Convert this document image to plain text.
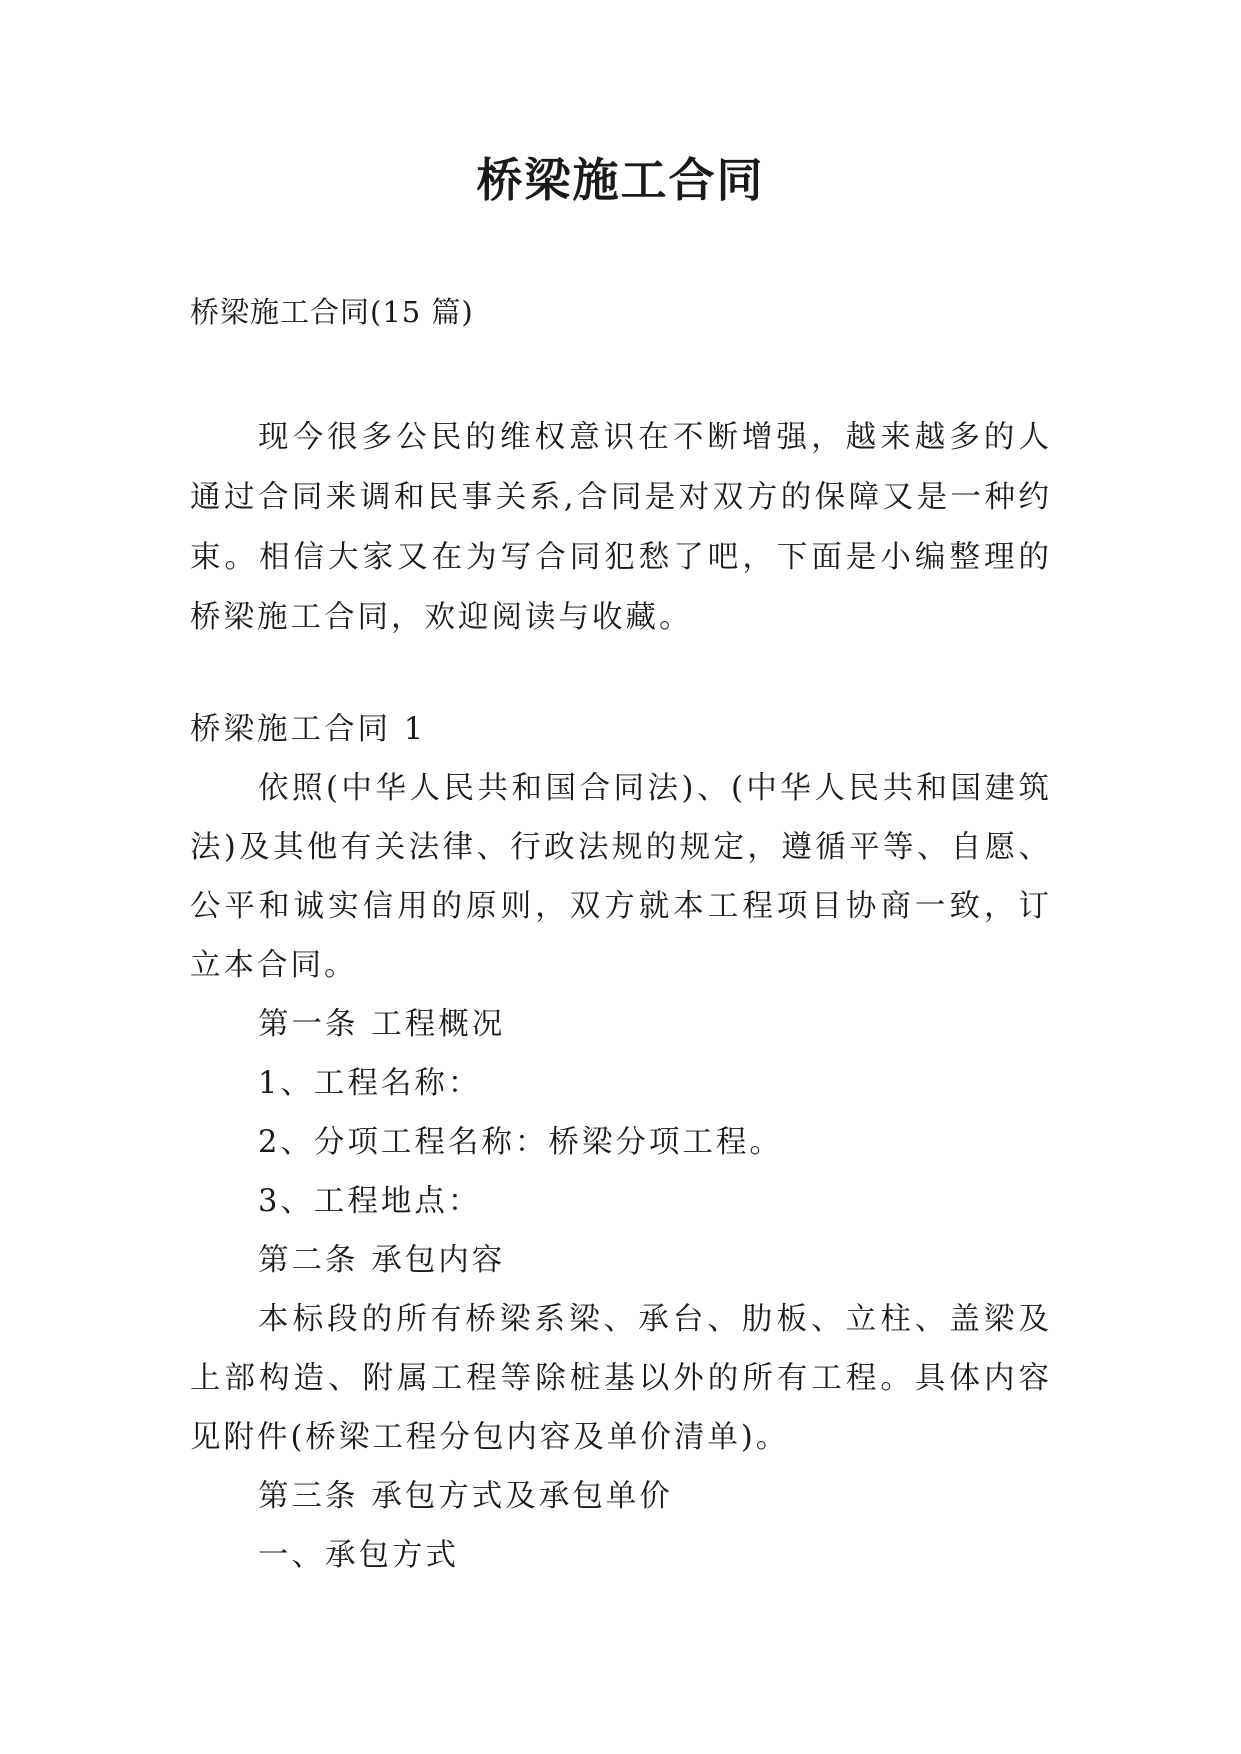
桥梁施工合同
桥梁施工合同(15 篇)
现今很多公民的维权意识在不断增强，越来越多的人通过合同来调和民事关系,合同是对双方的保障又是一种约束。相信大家又在为写合同犯愁了吧，下面是小编整理的桥梁施工合同，欢迎阅读与收藏。
桥梁施工合同 1
依照(中华人民共和国合同法)、(中华人民共和国建筑法)及其他有关法律、行政法规的规定，遵循平等、自愿、公平和诚实信用的原则，双方就本工程项目协商一致，订立本合同。
第一条 工程概况
1、工程名称：
2、分项工程名称：桥梁分项工程。
3、工程地点：
第二条 承包内容
本标段的所有桥梁系梁、承台、肋板、立柱、盖梁及上部构造、附属工程等除桩基以外的所有工程。具体内容见附件(桥梁工程分包内容及单价清单)。
第三条 承包方式及承包单价
一、承包方式
